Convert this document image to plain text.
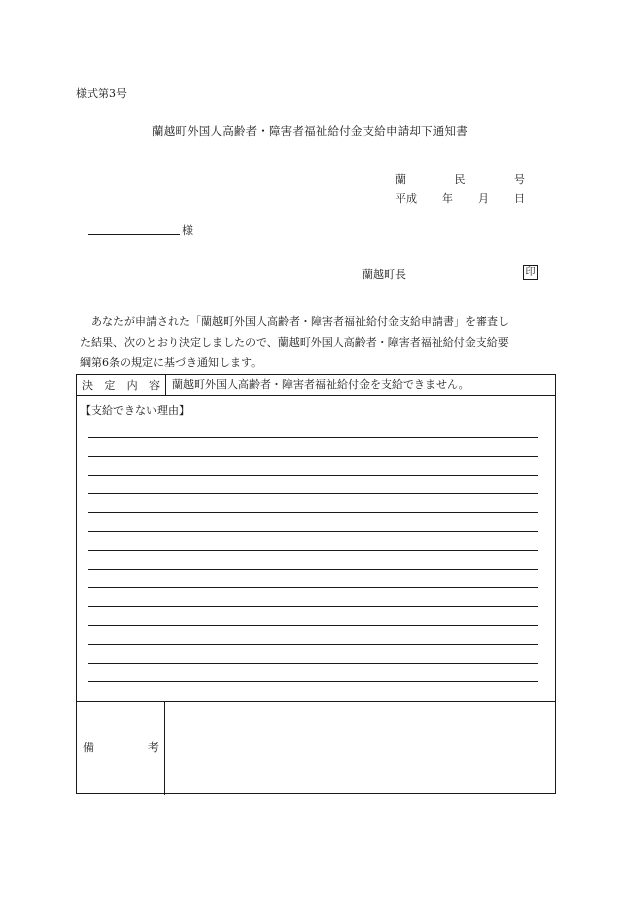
様式第3号
蘭越町外国人高齢者・障害者福祉給付金支給申請却下通知書
蘭	民	号
平成 年 月 日
様
蘭越町長	印

　あなたが申請された「蘭越町外国人高齢者・障害者福祉給付金支給申請書」を審査し

た結果、次のとおり決定しましたので、蘭越町外国人高齢者・障害者福祉給付金支給要

綱第6条の規定に基づき通知します。

決 定 内 容 蘭越町外国人高齢者・障害者福祉給付金を支給できません。
【支給できない理由】
備	考
